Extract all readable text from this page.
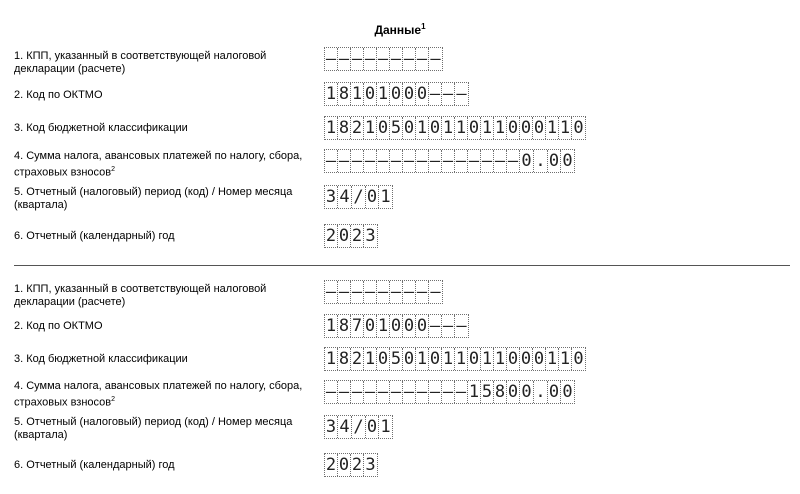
Данные$^1$
1. КПП, указанный в соответствующей налоговой декларации (расчете)	– – – – – – – – –
2. Код по ОКТМО	1 8 1 0 1 0 0 0 – – –
3. Код бюджетной классификации	1 8 2 1 0 5 0 1 0 1 1 0 1 1 0 0 0 1 1 0
4. Сумма налога, авансовых платежей по налогу, сбора, страховых взносов$^2$	– – – – – – – – – – – – – – – 0 . 0 0
5. Отчетный (налоговый) период (код) / Номер месяца (квартала)	3 4 / 0 1
6. Отчетный (календарный) год	2 0 2 3
1. КПП, указанный в соответствующей налоговой декларации (расчете)	– – – – – – – – –
2. Код по ОКТМО	1 8 7 0 1 0 0 0 – – –
3. Код бюджетной классификации	1 8 2 1 0 5 0 1 0 1 1 0 1 1 0 0 0 1 1 0
4. Сумма налога, авансовых платежей по налогу, сбора, страховых взносов$^2$	– – – – – – – – – – – 1 5 8 0 0 . 0 0
5. Отчетный (налоговый) период (код) / Номер месяца (квартала)	3 4 / 0 1
6. Отчетный (календарный) год	2 0 2 3
